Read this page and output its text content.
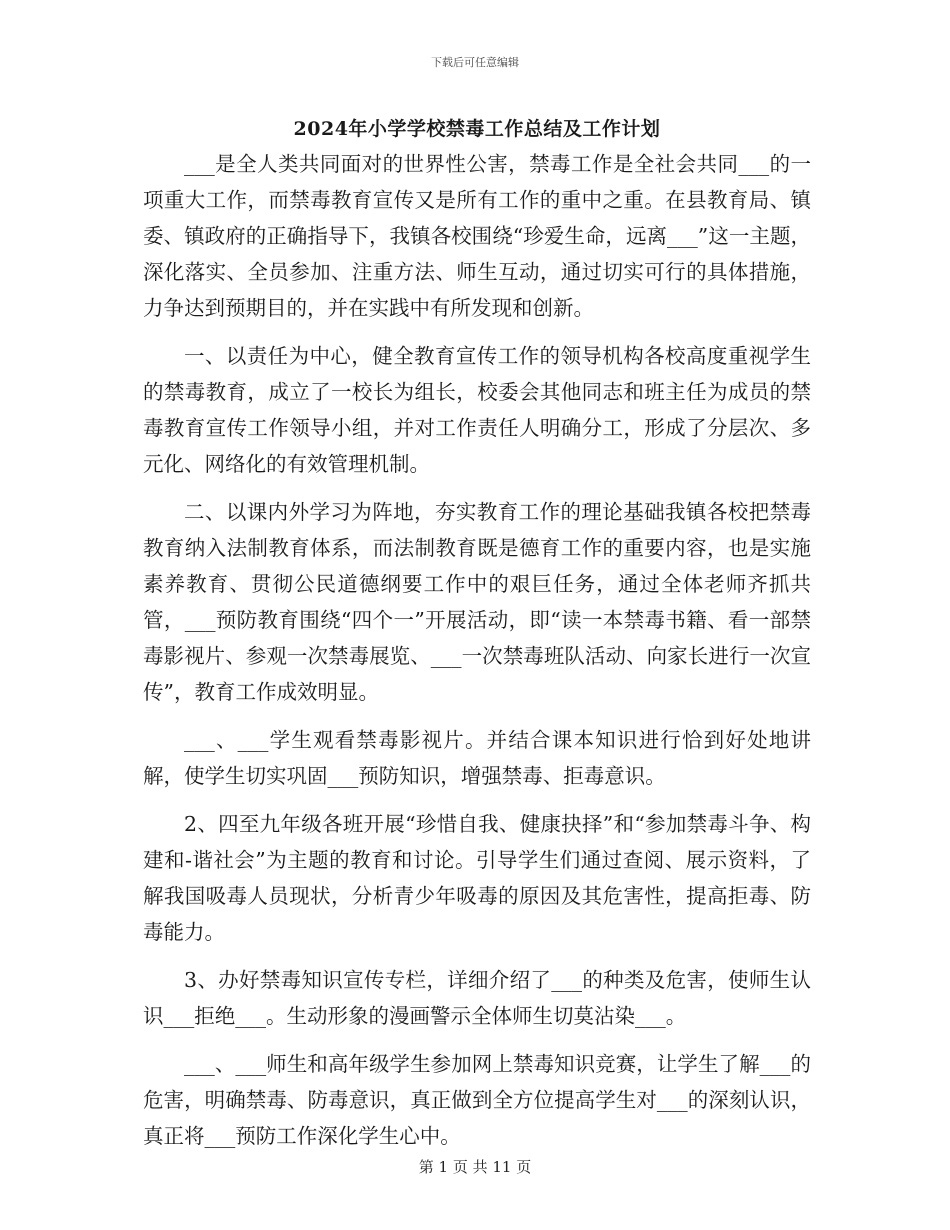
下载后可任意编辑
2024年小学学校禁毒工作总结及工作计划

___是全人类共同面对的世界性公害，禁毒工作是全社会共同___的一项重大工作，而禁毒教育宣传又是所有工作的重中之重。在县教育局、镇委、镇政府的正确指导下，我镇各校围绕“珍爱生命，远离___”这一主题，深化落实、全员参加、注重方法、师生互动，通过切实可行的具体措施，力争达到预期目的，并在实践中有所发现和创新。

一、以责任为中心，健全教育宣传工作的领导机构各校高度重视学生的禁毒教育，成立了一校长为组长，校委会其他同志和班主任为成员的禁毒教育宣传工作领导小组，并对工作责任人明确分工，形成了分层次、多元化、网络化的有效管理机制。

二、以课内外学习为阵地，夯实教育工作的理论基础我镇各校把禁毒教育纳入法制教育体系，而法制教育既是德育工作的重要内容，也是实施素养教育、贯彻公民道德纲要工作中的艰巨任务，通过全体老师齐抓共管，___预防教育围绕“四个一”开展活动，即“读一本禁毒书籍、看一部禁毒影视片、参观一次禁毒展览、___一次禁毒班队活动、向家长进行一次宣传”，教育工作成效明显。

___、___学生观看禁毒影视片。并结合课本知识进行恰到好处地讲解，使学生切实巩固___预防知识，增强禁毒、拒毒意识。

2、四至九年级各班开展“珍惜自我、健康抉择”和“参加禁毒斗争、构建和-谐社会”为主题的教育和讨论。引导学生们通过查阅、展示资料，了解我国吸毒人员现状，分析青少年吸毒的原因及其危害性，提高拒毒、防毒能力。

3、办好禁毒知识宣传专栏，详细介绍了___的种类及危害，使师生认识___拒绝___。生动形象的漫画警示全体师生切莫沾染___。

___、___师生和高年级学生参加网上禁毒知识竞赛，让学生了解___的危害，明确禁毒、防毒意识，真正做到全方位提高学生对___的深刻认识，真正将___预防工作深化学生心中。

第 1 页 共 11 页
